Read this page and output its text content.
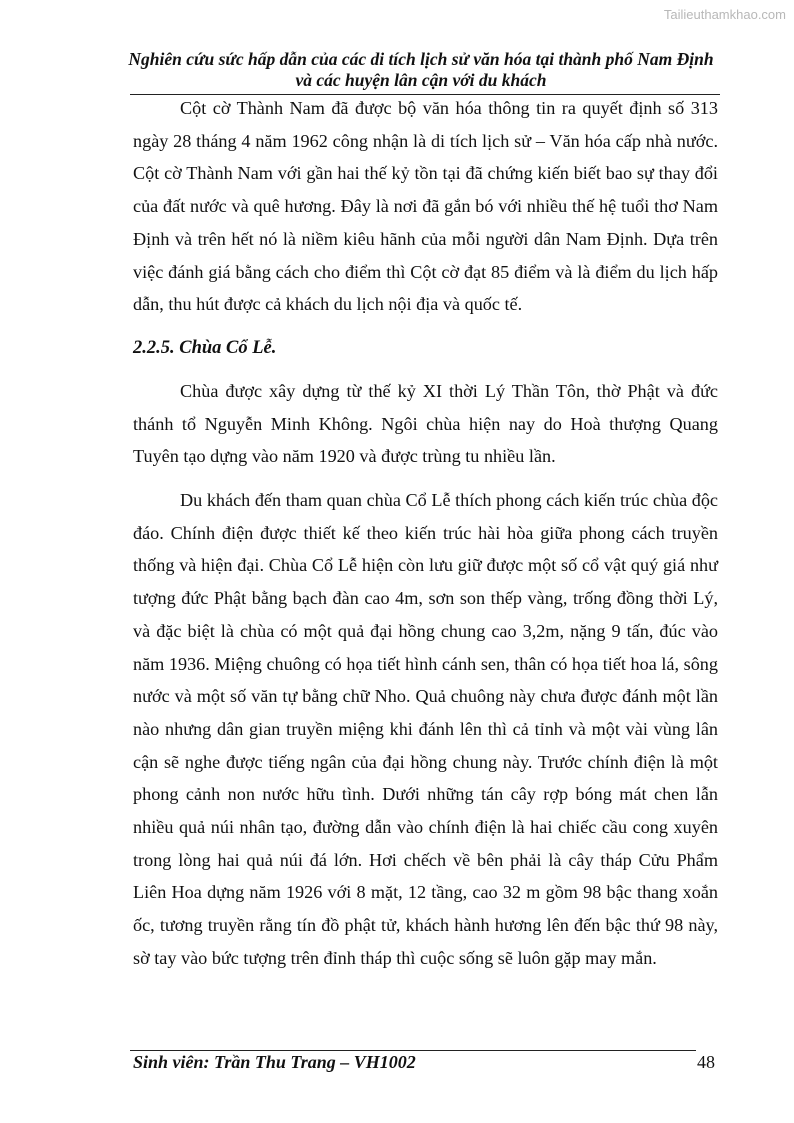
Tailieuthamkhao.com
Nghiên cứu sức hấp dẫn của các di tích lịch sử văn hóa tại thành phố Nam Định và các huyện lân cận với du khách

Cột cờ Thành Nam đã được bộ văn hóa thông tin ra quyết định số 313 ngày 28 tháng 4 năm 1962 công nhận là di tích lịch sử – Văn hóa cấp nhà nước. Cột cờ Thành Nam với gần hai thế kỷ tồn tại đã chứng kiến biết bao sự thay đổi của đất nước và quê hương. Đây là nơi đã gắn bó với nhiều thế hệ tuổi thơ Nam Định và trên hết nó là niềm kiêu hãnh của mỗi người dân Nam Định. Dựa trên việc đánh giá bằng cách cho điểm thì Cột cờ đạt 85 điểm và là điểm du lịch hấp dẫn, thu hút được cả khách du lịch nội địa và quốc tế.

2.2.5. Chùa Cổ Lễ.

Chùa được xây dựng từ thế kỷ XI thời Lý Thần Tôn, thờ Phật và đức thánh tổ Nguyễn Minh Không. Ngôi chùa hiện nay do Hoà thượng Quang Tuyên tạo dựng vào năm 1920 và được trùng tu nhiều lần.

Du khách đến tham quan chùa Cổ Lễ thích phong cách kiến trúc chùa độc đáo. Chính điện được thiết kế theo kiến trúc hài hòa giữa phong cách truyền thống và hiện đại. Chùa Cổ Lễ hiện còn lưu giữ được một số cổ vật quý giá như tượng đức Phật bằng bạch đàn cao 4m, sơn son thếp vàng, trống đồng thời Lý, và đặc biệt là chùa có một quả đại hồng chung cao 3,2m, nặng 9 tấn, đúc vào năm 1936. Miệng chuông có họa tiết hình cánh sen, thân có họa tiết hoa lá, sông nước và một số văn tự bằng chữ Nho. Quả chuông này chưa được đánh một lần nào nhưng dân gian truyền miệng khi đánh lên thì cả tỉnh và một vài vùng lân cận sẽ nghe được tiếng ngân của đại hồng chung này. Trước chính điện là một phong cảnh non nước hữu tình. Dưới những tán cây rợp bóng mát chen lẫn nhiều quả núi nhân tạo, đường dẫn vào chính điện là hai chiếc cầu cong xuyên trong lòng hai quả núi đá lớn. Hơi chếch về bên phải là cây tháp Cửu Phẩm Liên Hoa dựng năm 1926 với 8 mặt, 12 tầng, cao 32 m gồm 98 bậc thang xoắn ốc, tương truyền rằng tín đồ phật tử, khách hành hương lên đến bậc thứ 98 này, sờ tay vào bức tượng trên đỉnh tháp thì cuộc sống sẽ luôn gặp may mắn.

Sinh viên: Trần Thu Trang – VH1002	48
